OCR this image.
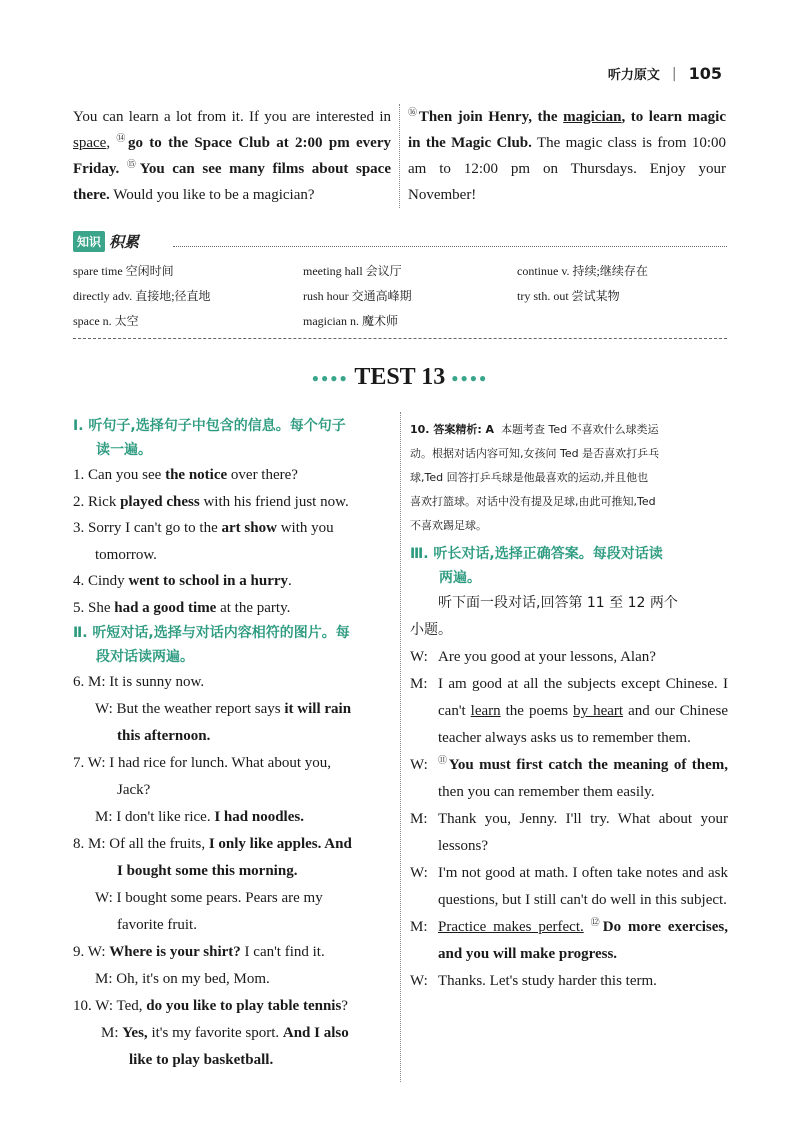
听力原文 | 105
You can learn a lot from it. If you are interested in space, ⑭go to the Space Club at 2:00 pm every Friday. ⑮You can see many films about space there. Would you like to be a magician?
⑯Then join Henry, the magician, to learn magic in the Magic Club. The magic class is from 10:00 am to 12:00 pm on Thursdays. Enjoy your November!
知识 积累
spare time 空闲时间	meeting hall 会议厅	continue v. 持续;继续存在
directly adv. 直接地;径直地	rush hour 交通高峰期	try sth. out 尝试某物
space n. 太空	magician n. 魔术师
●●●● TEST 13 ●●●●
Ⅰ. 听句子,选择句子中包含的信息。每个句子
读一遍。
1. Can you see the notice over there?
2. Rick played chess with his friend just now.
3. Sorry I can't go to the art show with you
tomorrow.
4. Cindy went to school in a hurry.
5. She had a good time at the party.
Ⅱ. 听短对话,选择与对话内容相符的图片。每
段对话读两遍。
6. M: It is sunny now.
W: But the weather report says it will rain
this afternoon.
7. W: I had rice for lunch. What about you,
Jack?
M: I don't like rice. I had noodles.
8. M: Of all the fruits, I only like apples. And
I bought some this morning.
W: I bought some pears. Pears are my
favorite fruit.
9. W: Where is your shirt? I can't find it.
M: Oh, it's on my bed, Mom.
10. W: Ted, do you like to play table tennis?
M: Yes, it's my favorite sport. And I also
like to play basketball.
10. 答案精析: A 本题考查 Ted 不喜欢什么球类运
动。根据对话内容可知,女孩问 Ted 是否喜欢打乒乓
球,Ted 回答打乒乓球是他最喜欢的运动,并且他也
喜欢打篮球。对话中没有提及足球,由此可推知,Ted
不喜欢踢足球。
Ⅲ. 听长对话,选择正确答案。每段对话读
两遍。
听下面一段对话,回答第 11 至 12 两个
小题。
W: Are you good at your lessons, Alan?
M: I am good at all the subjects except Chinese. I can't learn the poems by heart and our Chinese teacher always asks us to remember them.
W:	⑪You must first catch the meaning of them, then you can remember them easily.
M: Thank you, Jenny. I'll try. What about your lessons?
W: I'm not good at math. I often take notes and ask questions, but I still can't do well in this subject.
M: Practice makes perfect. ⑫Do more exercises, and you will make progress.
W: Thanks. Let's study harder this term.
